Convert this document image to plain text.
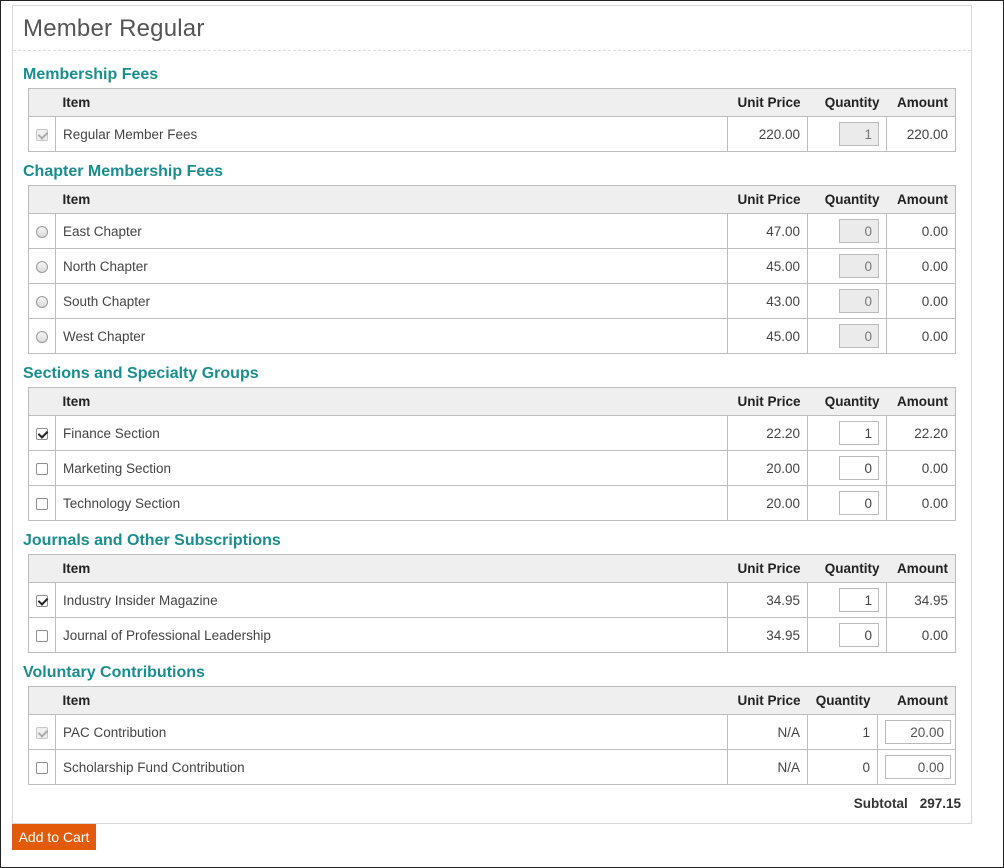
Member Regular
Membership Fees
	Item	Unit Price	Quantity	Amount
	Regular Member Fees	220.00	1	220.00
Chapter Membership Fees
	Item	Unit Price	Quantity	Amount
	East Chapter	47.00	0	0.00
	North Chapter	45.00	0	0.00
	South Chapter	43.00	0	0.00
	West Chapter	45.00	0	0.00
Sections and Specialty Groups
	Item	Unit Price	Quantity	Amount
	Finance Section	22.20	1	22.20
	Marketing Section	20.00	0	0.00
	Technology Section	20.00	0	0.00
Journals and Other Subscriptions
	Item	Unit Price	Quantity	Amount
	Industry Insider Magazine	34.95	1	34.95
	Journal of Professional Leadership	34.95	0	0.00
Voluntary Contributions
	Item	Unit Price	Quantity	Amount
	PAC Contribution	N/A	1	20.00
	Scholarship Fund Contribution	N/A	0	0.00
Subtotal 297.15
Add to Cart
